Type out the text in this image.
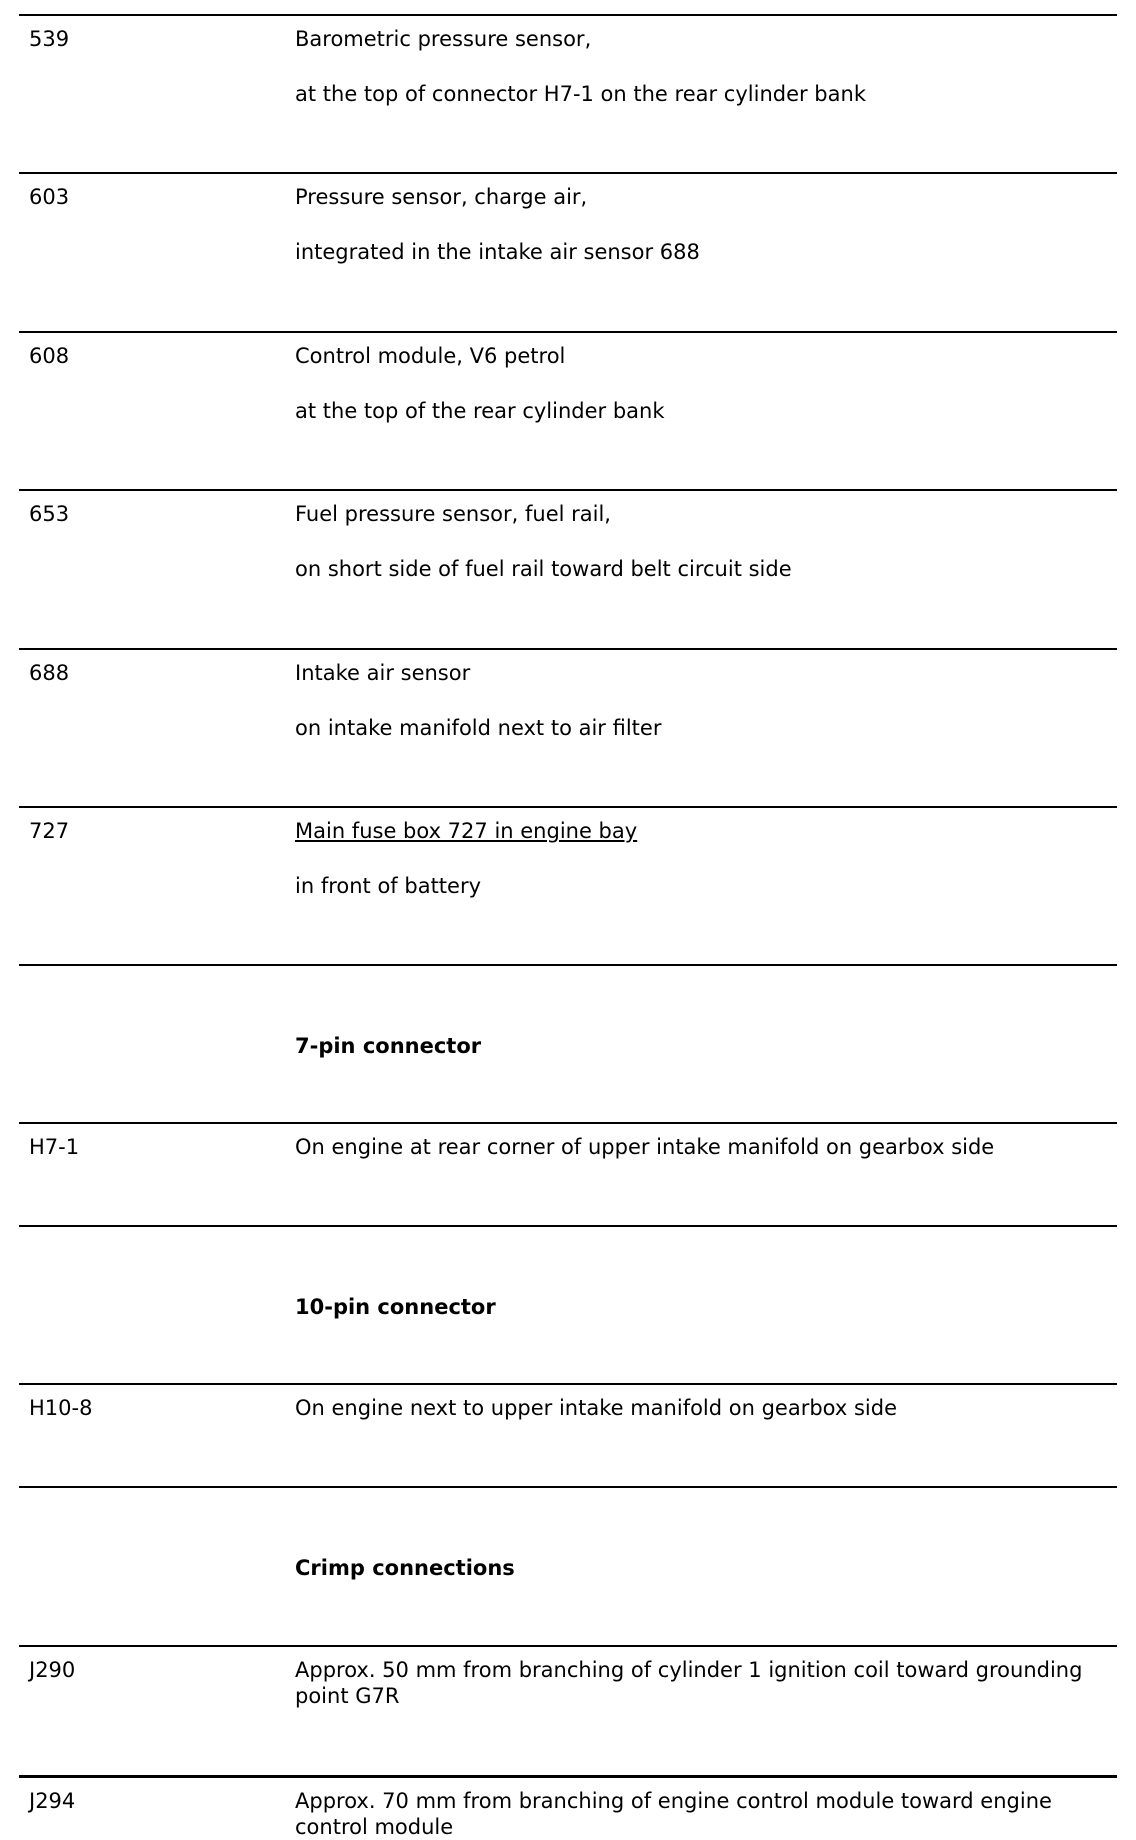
539	Barometric pressure sensor,

at the top of connector H7-1 on the rear cylinder bank

603	Pressure sensor, charge air,

integrated in the intake air sensor 688

608	Control module, V6 petrol

at the top of the rear cylinder bank

653	Fuel pressure sensor, fuel rail,

on short side of fuel rail toward belt circuit side

688	Intake air sensor

on intake manifold next to air filter

727	Main fuse box 727 in engine bay

in front of battery

7-pin connector

H7-1	On engine at rear corner of upper intake manifold on gearbox side

10-pin connector

H10-8	On engine next to upper intake manifold on gearbox side

Crimp connections

J290	Approx. 50 mm from branching of cylinder 1 ignition coil toward grounding point G7R

J294	Approx. 70 mm from branching of engine control module toward engine control module
